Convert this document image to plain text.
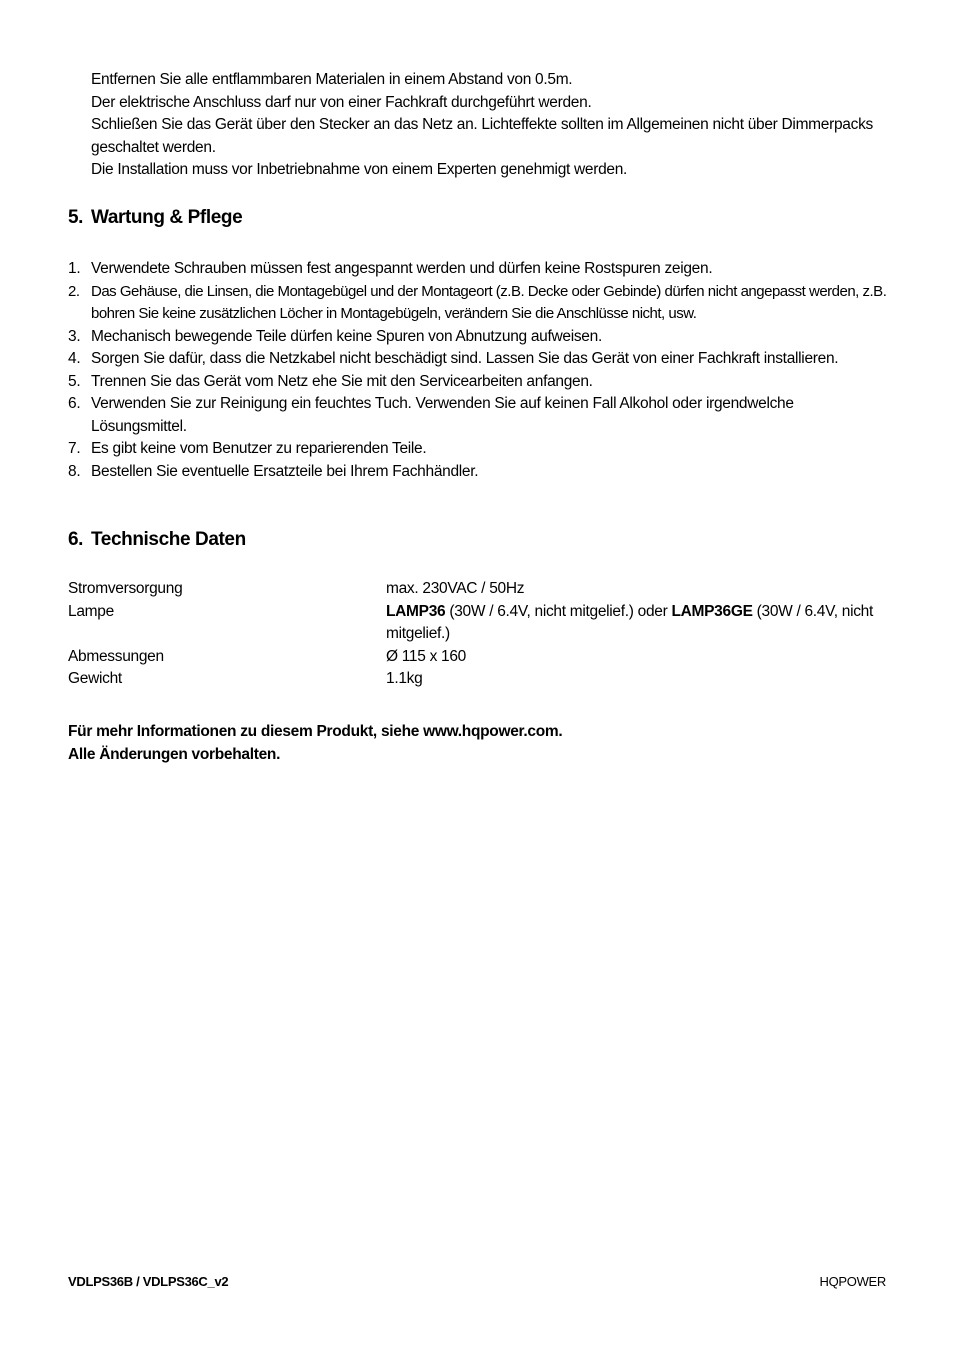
Entfernen Sie alle entflammbaren Materialen in einem Abstand von 0.5m.

Der elektrische Anschluss darf nur von einer Fachkraft durchgeführt werden.

Schließen Sie das Gerät über den Stecker an das Netz an. Lichteffekte sollten im Allgemeinen nicht über Dimmerpacks geschaltet werden.

Die Installation muss vor Inbetriebnahme von einem Experten genehmigt werden.

5. Wartung & Pflege
1. Verwendete Schrauben müssen fest angespannt werden und dürfen keine Rostspuren zeigen.
2. Das Gehäuse, die Linsen, die Montagebügel und der Montageort (z.B. Decke oder Gebinde) dürfen nicht angepasst werden, z.B. bohren Sie keine zusätzlichen Löcher in Montagebügeln, verändern Sie die Anschlüsse nicht, usw.
3. Mechanisch bewegende Teile dürfen keine Spuren von Abnutzung aufweisen.
4. Sorgen Sie dafür, dass die Netzkabel nicht beschädigt sind. Lassen Sie das Gerät von einer Fachkraft installieren.
5. Trennen Sie das Gerät vom Netz ehe Sie mit den Servicearbeiten anfangen.
6. Verwenden Sie zur Reinigung ein feuchtes Tuch. Verwenden Sie auf keinen Fall Alkohol oder irgendwelche Lösungsmittel.
7. Es gibt keine vom Benutzer zu reparierenden Teile.
8. Bestellen Sie eventuelle Ersatzteile bei Ihrem Fachhändler.
6. Technische Daten
Stromversorgung	max. 230VAC / 50Hz
Lampe	LAMP36 (30W / 6.4V, nicht mitgelief.) oder LAMP36GE (30W / 6.4V, nicht mitgelief.)
Abmessungen	Ø 115 x 160
Gewicht	1.1kg

Für mehr Informationen zu diesem Produkt, siehe www.hqpower.com.

Alle Änderungen vorbehalten.

VDLPS36B / VDLPS36C_v2	HQPOWER
